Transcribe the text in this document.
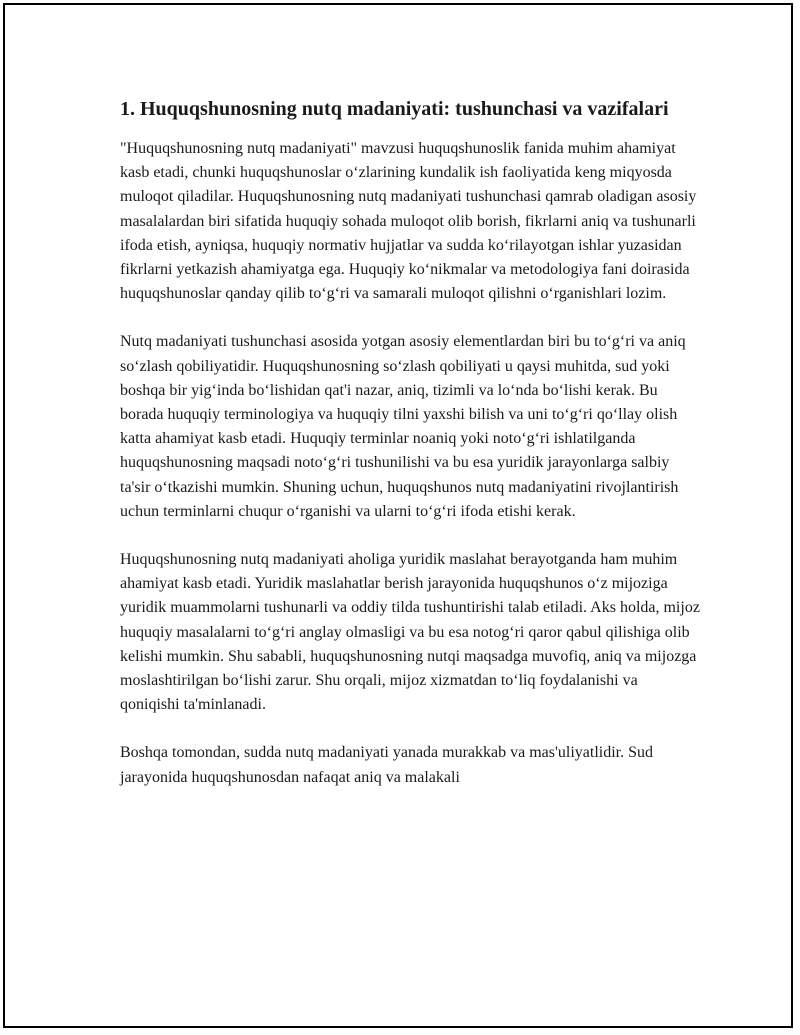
1. Huquqshunosning nutq madaniyati: tushunchasi va vazifalari

"Huquqshunosning nutq madaniyati" mavzusi huquqshunoslik fanida muhim ahamiyat kasb etadi, chunki huquqshunoslar o‘zlarining kundalik ish faoliyatida keng miqyosda muloqot qiladilar. Huquqshunosning nutq madaniyati tushunchasi qamrab oladigan asosiy masalalardan biri sifatida huquqiy sohada muloqot olib borish, fikrlarni aniq va tushunarli ifoda etish, ayniqsa, huquqiy normativ hujjatlar va sudda ko‘rilayotgan ishlar yuzasidan fikrlarni yetkazish ahamiyatga ega. Huquqiy ko‘nikmalar va metodologiya fani doirasida huquqshunoslar qanday qilib to‘g‘ri va samarali muloqot qilishni o‘rganishlari lozim.

Nutq madaniyati tushunchasi asosida yotgan asosiy elementlardan biri bu to‘g‘ri va aniq so‘zlash qobiliyatidir. Huquqshunosning so‘zlash qobiliyati u qaysi muhitda, sud yoki boshqa bir yig‘inda bo‘lishidan qat'i nazar, aniq, tizimli va lo‘nda bo‘lishi kerak. Bu borada huquqiy terminologiya va huquqiy tilni yaxshi bilish va uni to‘g‘ri qo‘llay olish katta ahamiyat kasb etadi. Huquqiy terminlar noaniq yoki noto‘g‘ri ishlatilganda huquqshunosning maqsadi noto‘g‘ri tushunilishi va bu esa yuridik jarayonlarga salbiy ta'sir o‘tkazishi mumkin. Shuning uchun, huquqshunos nutq madaniyatini rivojlantirish uchun terminlarni chuqur o‘rganishi va ularni to‘g‘ri ifoda etishi kerak.

Huquqshunosning nutq madaniyati aholiga yuridik maslahat berayotganda ham muhim ahamiyat kasb etadi. Yuridik maslahatlar berish jarayonida huquqshunos o‘z mijoziga yuridik muammolarni tushunarli va oddiy tilda tushuntirishi talab etiladi. Aks holda, mijoz huquqiy masalalarni to‘g‘ri anglay olmasligi va bu esa notog‘ri qaror qabul qilishiga olib kelishi mumkin. Shu sababli, huquqshunosning nutqi maqsadga muvofiq, aniq va mijozga moslashtirilgan bo‘lishi zarur. Shu orqali, mijoz xizmatdan to‘liq foydalanishi va qoniqishi ta'minlanadi.

Boshqa tomondan, sudda nutq madaniyati yanada murakkab va mas'uliyatlidir. Sud jarayonida huquqshunosdan nafaqat aniq va malakali
